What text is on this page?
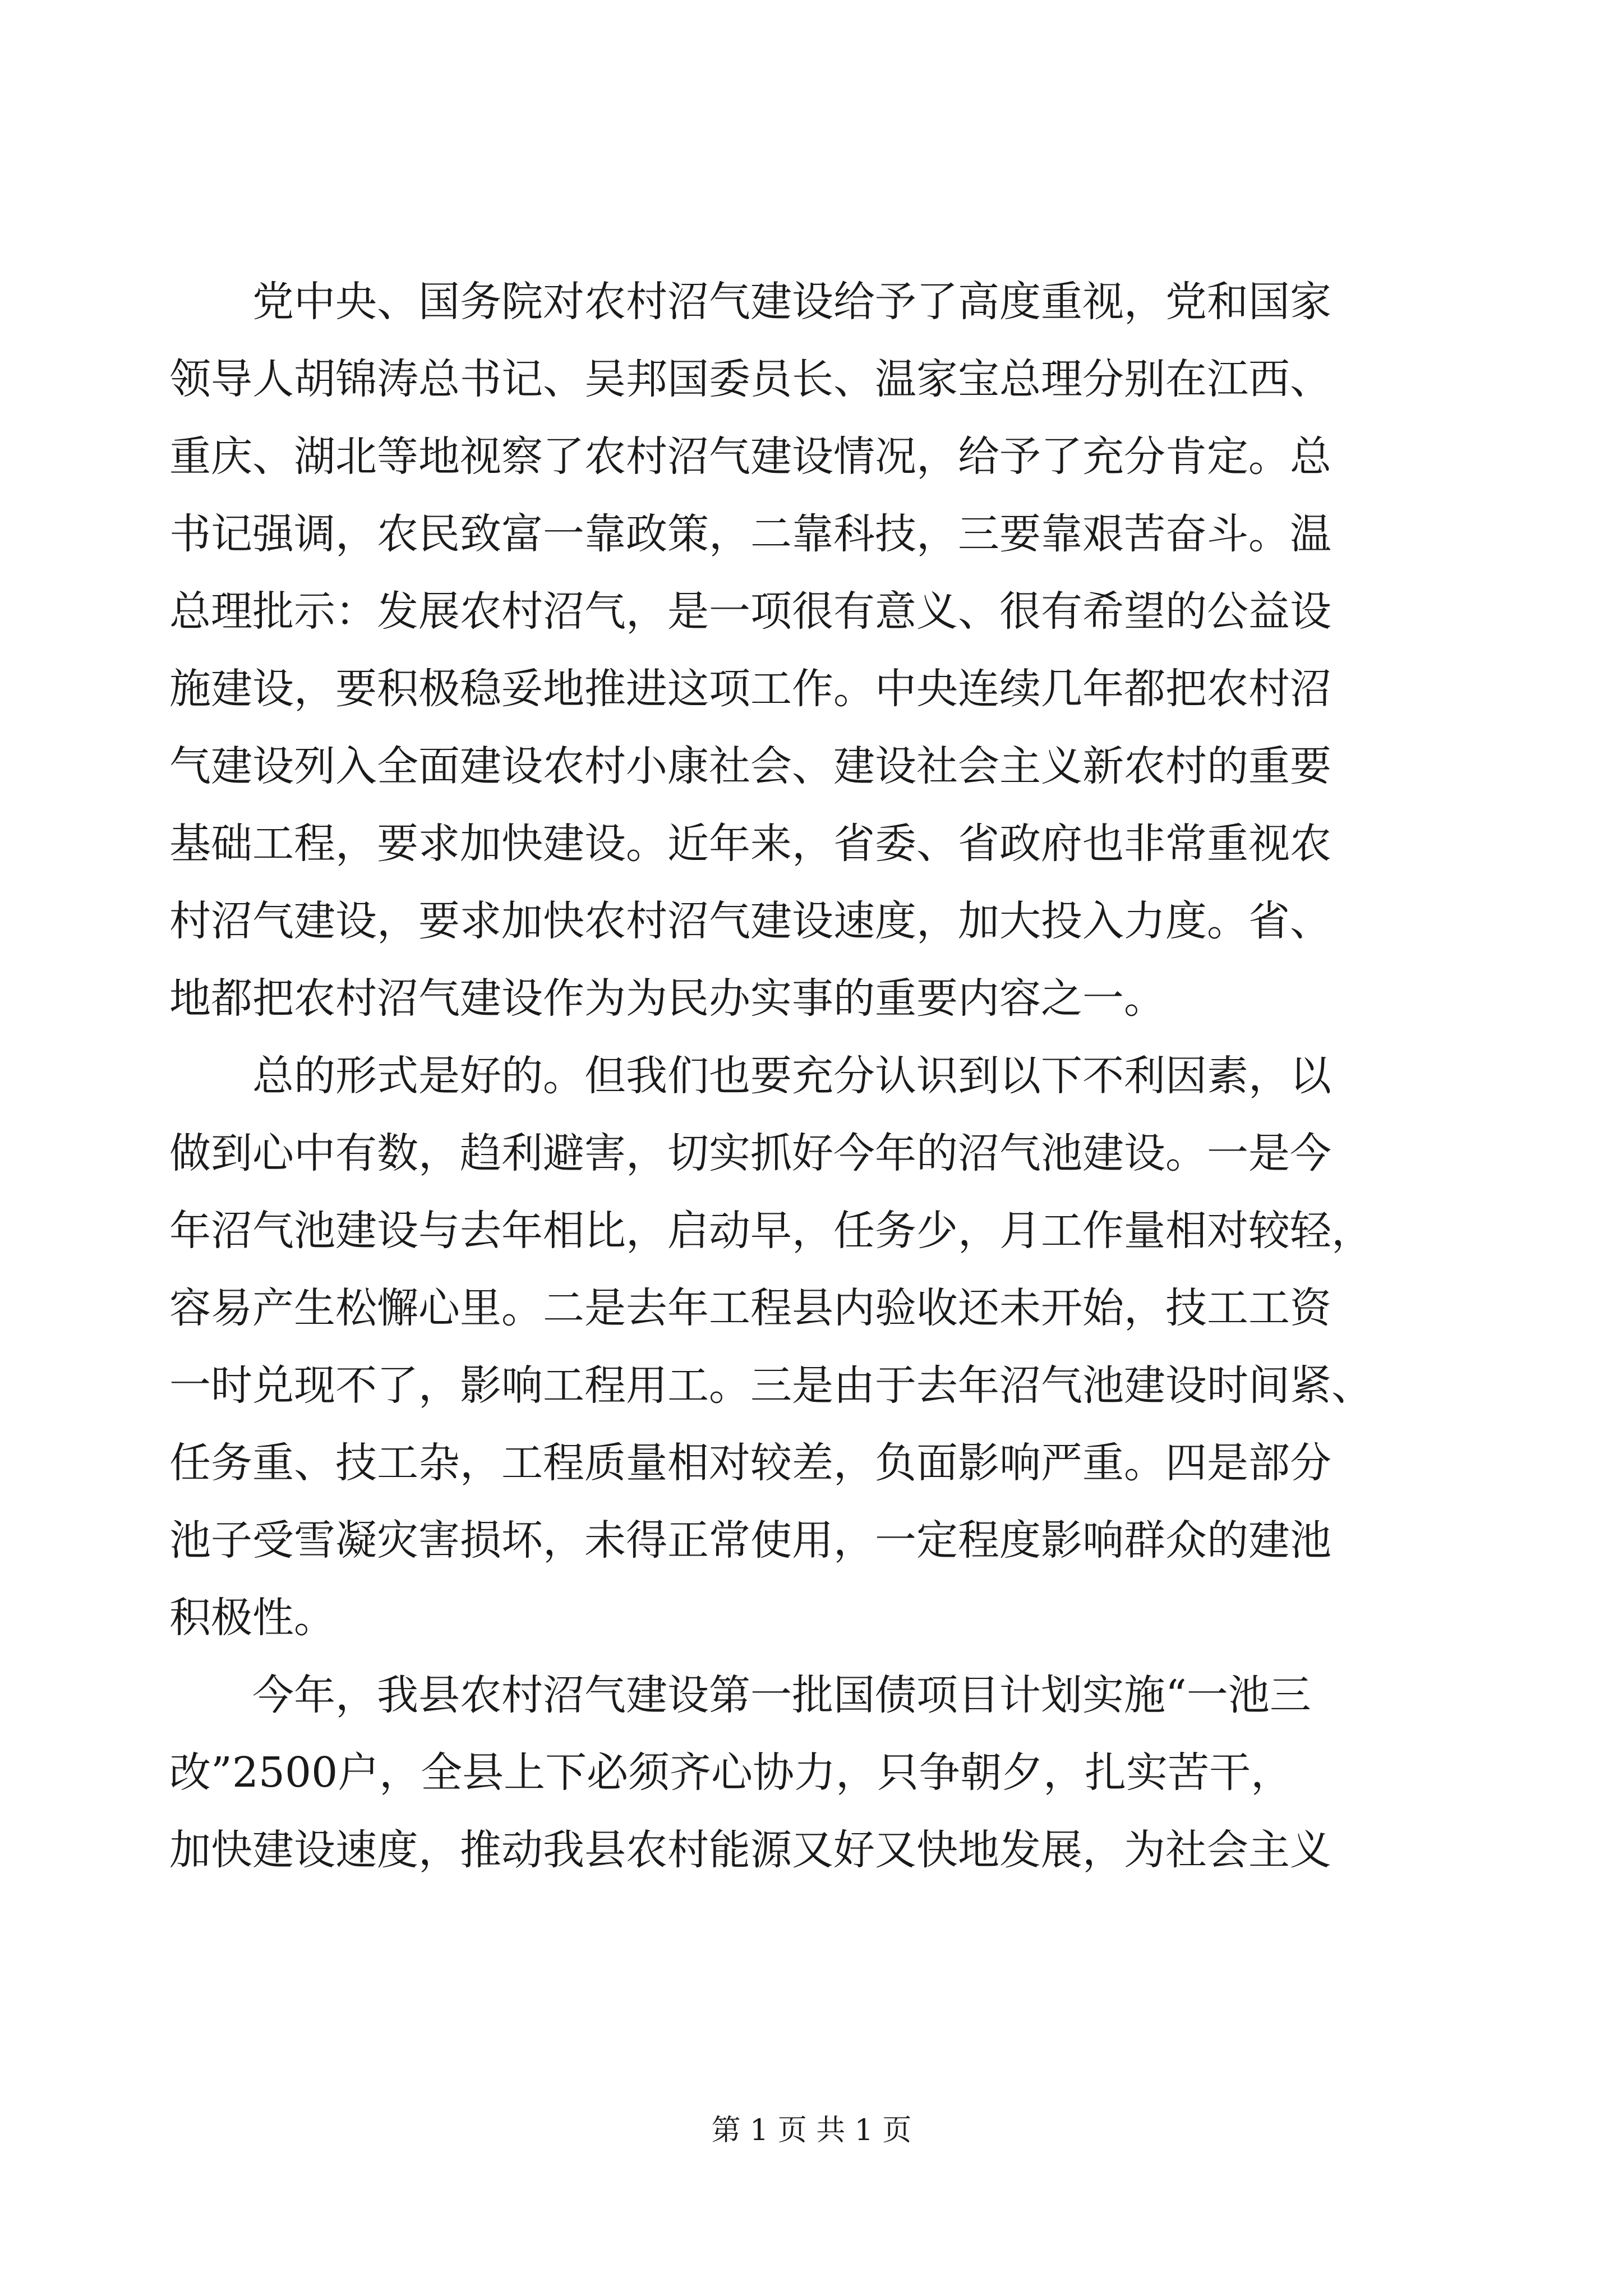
党中央、国务院对农村沼气建设给予了高度重视，党和国家
领导人胡锦涛总书记、吴邦国委员长、温家宝总理分别在江西、
重庆、湖北等地视察了农村沼气建设情况，给予了充分肯定。总
书记强调，农民致富一靠政策，二靠科技，三要靠艰苦奋斗。温
总理批示：发展农村沼气，是一项很有意义、很有希望的公益设
施建设，要积极稳妥地推进这项工作。中央连续几年都把农村沼
气建设列入全面建设农村小康社会、建设社会主义新农村的重要
基础工程，要求加快建设。近年来，省委、省政府也非常重视农
村沼气建设，要求加快农村沼气建设速度，加大投入力度。省、
地都把农村沼气建设作为为民办实事的重要内容之一。
总的形式是好的。但我们也要充分认识到以下不利因素，以
做到心中有数，趋利避害，切实抓好今年的沼气池建设。一是今
年沼气池建设与去年相比，启动早，任务少，月工作量相对较轻，
容易产生松懈心里。二是去年工程县内验收还未开始，技工工资
一时兑现不了，影响工程用工。三是由于去年沼气池建设时间紧、
任务重、技工杂，工程质量相对较差，负面影响严重。四是部分
池子受雪凝灾害损坏，未得正常使用，一定程度影响群众的建池
积极性。
今年，我县农村沼气建设第一批国债项目计划实施“一池三
改”2500户，全县上下必须齐心协力，只争朝夕，扎实苦干，
加快建设速度，推动我县农村能源又好又快地发展，为社会主义
第 1 页 共 1 页
